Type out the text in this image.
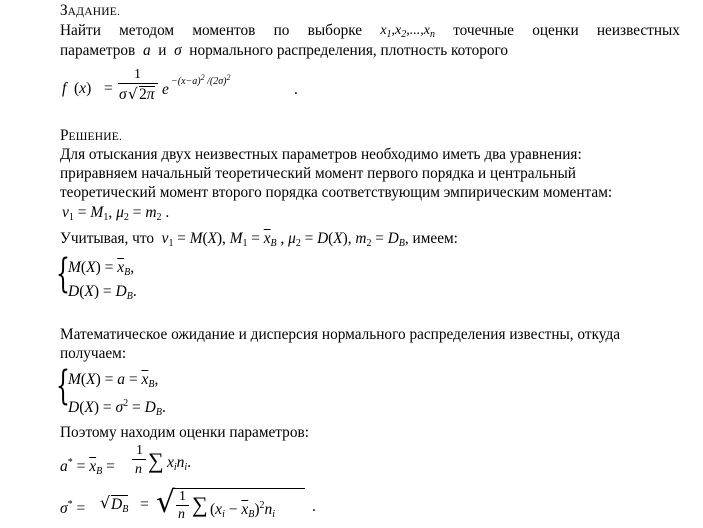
ЗАДАНИЕ.
Найти методом моментов по выборке $x_1,x_2,...,x_n$ точечные оценки неизвестных
параметров a и σ нормального распределения, плотность которого
f (x) =
1
σ √ 2π $e -(x-a)^2$ $/(2\sigma)^2$
.
РЕШЕНИЕ.
Для отыскания двух неизвестных параметров необходимо иметь два уравнения:
приравняем начальный теоретический момент первого порядка и центральный
теоретический момент второго порядка соответствующим эмпирическим моментам:
$v_1 = M_1$, $\mu_2 = m_2$ .
Учитывая, что $v_1 = M(X)$, $M_1 = \overline{x}_B$ , $\mu_2 = D(X)$, $m_2 = D_B$, имеем:
{
$M(X) = \overline{x}_B$,
$D(X) = D_B$.
Математическое ожидание и дисперсия нормального распределения известны, откуда
получаем:
{
$M(X) = a = \overline{x}_B$,
$D(X) = \sigma^2 = D_B$.
Поэтому находим оценки параметров:
$a^* = \overline{x}_B$ =
1
n ∑ $x_in_i$.
σ* = √ $D_B$ = √ 1
n ∑ $(x_i - \overline{x}_B)^2n_i$ .
